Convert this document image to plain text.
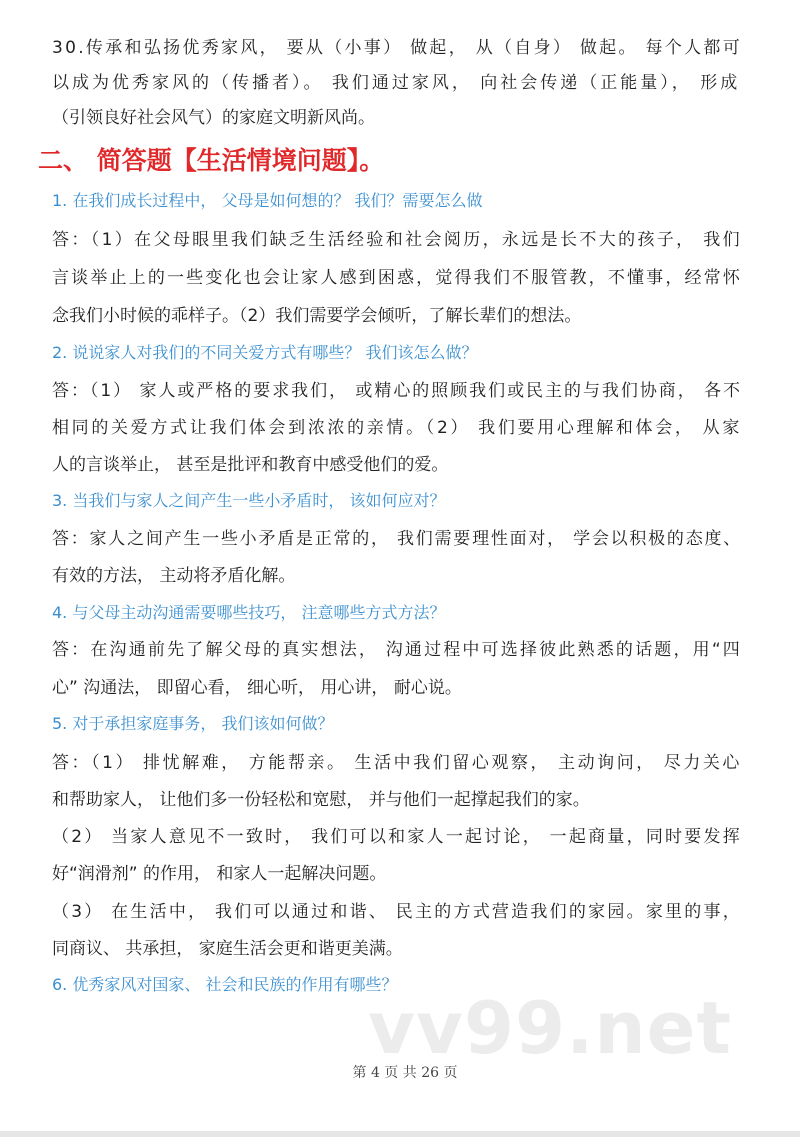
30.传承和弘扬优秀家风， 要从（小事） 做起， 从（自身） 做起。 每个人都可
以成为优秀家风的（传播者）。 我们通过家风， 向社会传递（正能量）， 形成
（引领良好社会风气）的家庭文明新风尚。
二、 简答题【生活情境问题】。
1. 在我们成长过程中， 父母是如何想的？ 我们？需要怎么做
答：（1）在父母眼里我们缺乏生活经验和社会阅历，永远是长不大的孩子， 我们
言谈举止上的一些变化也会让家人感到困惑，觉得我们不服管教，不懂事，经常怀
念我们小时候的乖样子。（2）我们需要学会倾听，了解长辈们的想法。
2. 说说家人对我们的不同关爱方式有哪些？ 我们该怎么做？
答：（1） 家人或严格的要求我们， 或精心的照顾我们或民主的与我们协商， 各不
相同的关爱方式让我们体会到浓浓的亲情。（2） 我们要用心理解和体会， 从家
人的言谈举止， 甚至是批评和教育中感受他们的爱。
3. 当我们与家人之间产生一些小矛盾时， 该如何应对？
答：家人之间产生一些小矛盾是正常的， 我们需要理性面对， 学会以积极的态度、
有效的方法， 主动将矛盾化解。
4. 与父母主动沟通需要哪些技巧， 注意哪些方式方法？
答：在沟通前先了解父母的真实想法， 沟通过程中可选择彼此熟悉的话题，用“四
心” 沟通法， 即留心看， 细心听， 用心讲， 耐心说。
5. 对于承担家庭事务， 我们该如何做？
答：（1） 排忧解难， 方能帮亲。 生活中我们留心观察， 主动询问， 尽力关心
和帮助家人， 让他们多一份轻松和宽慰， 并与他们一起撑起我们的家。
（2） 当家人意见不一致时， 我们可以和家人一起讨论， 一起商量，同时要发挥
好“润滑剂” 的作用， 和家人一起解决问题。
（3） 在生活中， 我们可以通过和谐、 民主的方式营造我们的家园。家里的事，
同商议、 共承担， 家庭生活会更和谐更美满。
6. 优秀家风对国家、 社会和民族的作用有哪些？
vv99.net
第 4 页 共 26 页
